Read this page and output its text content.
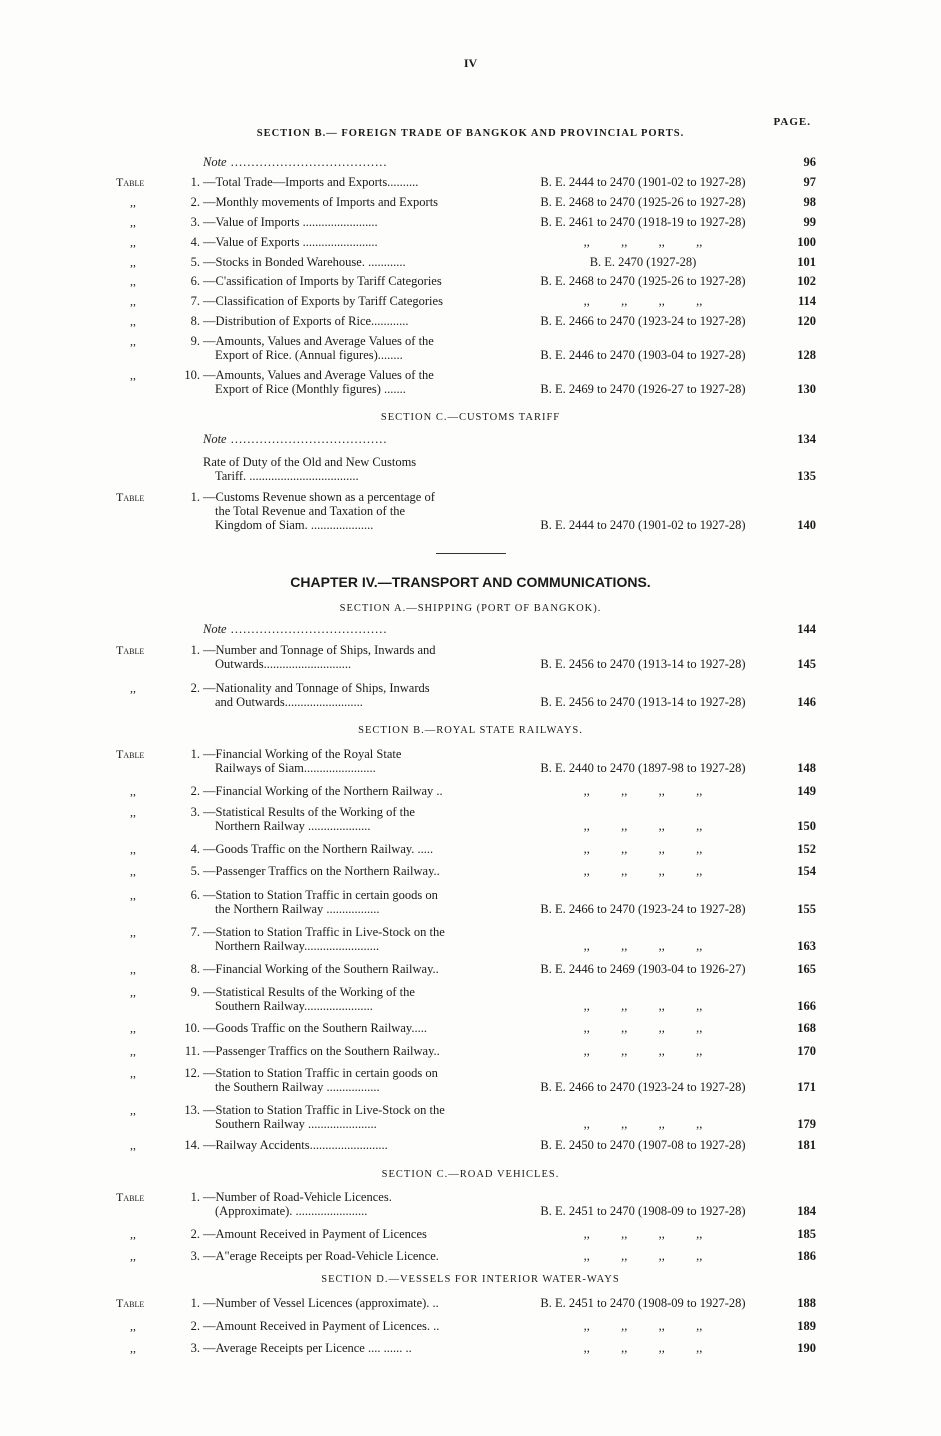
IV
PAGE.
SECTION B.— FOREIGN TRADE OF BANGKOK AND PROVINCIAL PORTS.
Note ......................................	96
Table	1. —Total Trade—Imports and Exports..........	B. E. 2444 to 2470 (1901-02 to 1927-28)	97
,,	2. —Monthly movements of Imports and Exports	B. E. 2468 to 2470 (1925-26 to 1927-28)	98
,,	3. —Value of Imports ........................	B. E. 2461 to 2470 (1918-19 to 1927-28)	99
,,	4. —Value of Exports ........................	,,          ,,          ,,          ,,	100
,,	5. —Stocks in Bonded Warehouse. ............	B. E. 2470 (1927-28)	101
,,	6. —C'assification of Imports by Tariff Categories	B. E. 2468 to 2470 (1925-26 to 1927-28)	102
,,	7. —Classification of Exports by Tariff Categories	,,          ,,          ,,          ,,	114
,,	8. —Distribution of Exports of Rice............	B. E. 2466 to 2470 (1923-24 to 1927-28)	120
,,	9. —Amounts, Values and Average Values of the
Export of Rice. (Annual figures)........	B. E. 2446 to 2470 (1903-04 to 1927-28)	128
,,	10. —Amounts, Values and Average Values of the
Export of Rice (Monthly figures) .......	B. E. 2469 to 2470 (1926-27 to 1927-28)	130
SECTION C.—CUSTOMS TARIFF
Note ......................................	134
Rate of Duty of the Old and New Customs
Tariff. ...................................	135
Table	1. —Customs Revenue shown as a percentage of
the Total Revenue and Taxation of the
Kingdom of Siam. ....................	B. E. 2444 to 2470 (1901-02 to 1927-28)	140
CHAPTER IV.—TRANSPORT AND COMMUNICATIONS.
SECTION A.—SHIPPING (PORT OF BANGKOK).
Note ......................................	144
Table	1. —Number and Tonnage of Ships, Inwards and
Outwards............................	B. E. 2456 to 2470 (1913-14 to 1927-28)	145
,,	2. —Nationality and Tonnage of Ships, Inwards
and Outwards.........................	B. E. 2456 to 2470 (1913-14 to 1927-28)	146
SECTION B.—ROYAL STATE RAILWAYS.
Table	1. —Financial Working of the Royal State
Railways of Siam.......................	B. E. 2440 to 2470 (1897-98 to 1927-28)	148
,,	2. —Financial Working of the Northern Railway ..	,,          ,,          ,,          ,,	149
,,	3. —Statistical Results of the Working of the
Northern Railway ....................	,,          ,,          ,,          ,,	150
,,	4. —Goods Traffic on the Northern Railway. .....	,,          ,,          ,,          ,,	152
,,	5. —Passenger Traffics on the Northern Railway..	,,          ,,          ,,          ,,	154
,,	6. —Station to Station Traffic in certain goods on
the Northern Railway .................	B. E. 2466 to 2470 (1923-24 to 1927-28)	155
,,	7. —Station to Station Traffic in Live-Stock on the
Northern Railway........................	,,          ,,          ,,          ,,	163
,,	8. —Financial Working of the Southern Railway..	B. E. 2446 to 2469 (1903-04 to 1926-27)	165
,,	9. —Statistical Results of the Working of the
Southern Railway......................	,,          ,,          ,,          ,,	166
,,	10. —Goods Traffic on the Southern Railway.....	,,          ,,          ,,          ,,	168
,,	11. —Passenger Traffics on the Southern Railway..	,,          ,,          ,,          ,,	170
,,	12. —Station to Station Traffic in certain goods on
the Southern Railway .................	B. E. 2466 to 2470 (1923-24 to 1927-28)	171
,,	13. —Station to Station Traffic in Live-Stock on the
Southern Railway ......................	,,          ,,          ,,          ,,	179
,,	14. —Railway Accidents.........................	B. E. 2450 to 2470 (1907-08 to 1927-28)	181
SECTION C.—ROAD VEHICLES.
Table	1. —Number of Road-Vehicle Licences.
(Approximate). .......................	B. E. 2451 to 2470 (1908-09 to 1927-28)	184
,,	2. —Amount Received in Payment of Licences	,,          ,,          ,,          ,,	185
,,	3. —A"erage Receipts per Road-Vehicle Licence.	,,          ,,          ,,          ,,	186
SECTION D.—VESSELS FOR INTERIOR WATER-WAYS
Table	1. —Number of Vessel Licences (approximate). ..	B. E. 2451 to 2470 (1908-09 to 1927-28)	188
,,	2. —Amount Received in Payment of Licences. ..	,,          ,,          ,,          ,,	189
,,	3. —Average Receipts per Licence .... ...... ..	,,          ,,          ,,          ,,	190
